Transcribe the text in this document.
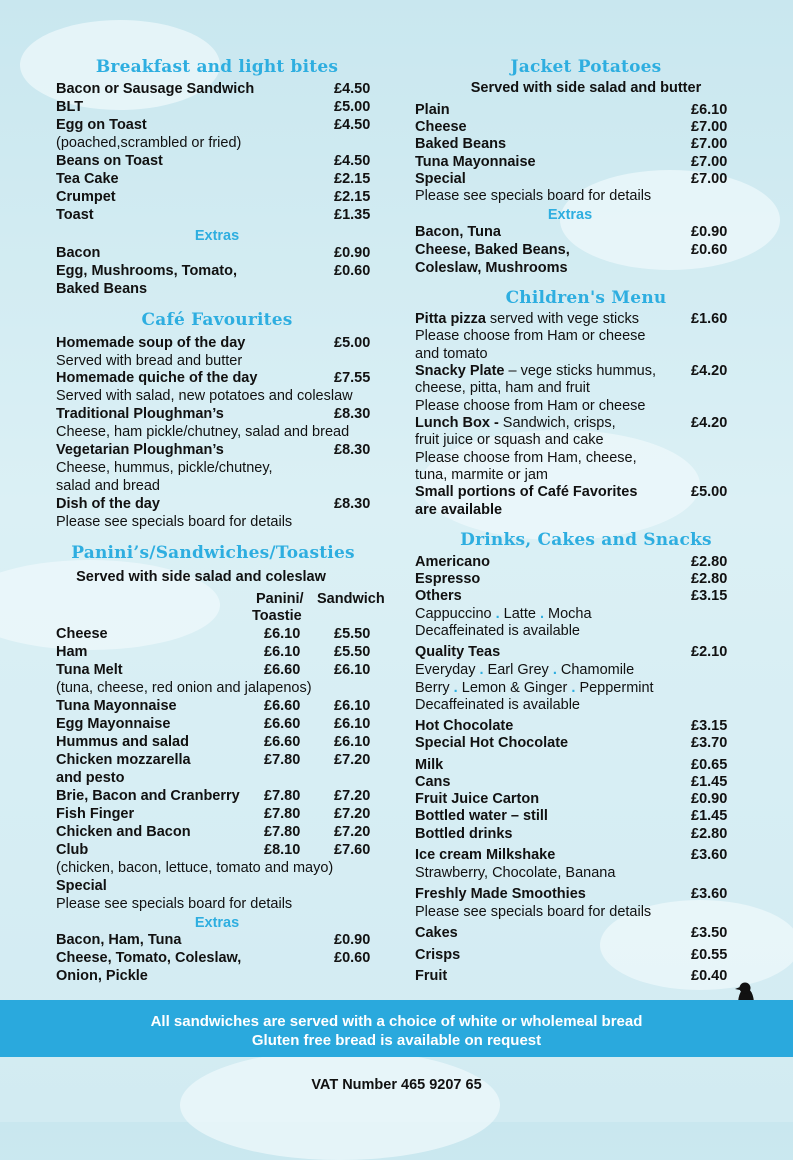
Breakfast and light bites
Bacon or Sausage Sandwich	£4.50
BLT	£5.00
Egg on Toast	£4.50
(poached,scrambled or fried)
Beans on Toast	£4.50
Tea Cake	£2.15
Crumpet	£2.15
Toast	£1.35
Extras
Bacon	£0.90
Egg, Mushrooms, Tomato,	£0.60
Baked Beans
Café Favourites
Homemade soup of the day	£5.00
Served with bread and butter
Homemade quiche of the day	£7.55
Served with salad, new potatoes and coleslaw
Traditional Ploughman’s	£8.30
Cheese, ham pickle/chutney, salad and bread
Vegetarian Ploughman’s	£8.30
Cheese, hummus, pickle/chutney,
salad and bread
Dish of the day	£8.30
Please see specials board for details
Panini’s/Sandwiches/Toasties
Served with side salad and coleslaw
Panini/
Toastie
Sandwich
Cheese	£6.10 £5.50
Ham	£6.10 £5.50
Tuna Melt	£6.60 £6.10
(tuna, cheese, red onion and jalapenos)
Tuna Mayonnaise	£6.60 £6.10
Egg Mayonnaise	£6.60 £6.10
Hummus and salad	£6.60 £6.10
Chicken mozzarella	£7.80 £7.20
and pesto
Brie, Bacon and Cranberry £7.80 £7.20
Fish Finger	£7.80 £7.20
Chicken and Bacon	£7.80 £7.20
Club	£8.10 £7.60
(chicken, bacon, lettuce, tomato and mayo)
Special
Please see specials board for details
Extras
Bacon, Ham, Tuna	£0.90
Cheese, Tomato, Coleslaw,	£0.60
Onion, Pickle
Jacket Potatoes
Served with side salad and butter
Plain	£6.10
Cheese	£7.00
Baked Beans	£7.00
Tuna Mayonnaise	£7.00
Special	£7.00
Please see specials board for details
Extras
Bacon, Tuna	£0.90
Cheese, Baked Beans,	£0.60
Coleslaw, Mushrooms
Children's Menu
Pitta pizza served with vege sticks	£1.60
Please choose from Ham or cheese
and tomato
Snacky Plate – vege sticks hummus, £4.20
cheese, pitta, ham and fruit
Please choose from Ham or cheese
Lunch Box - Sandwich, crisps,	£4.20
fruit juice or squash and cake
Please choose from Ham, cheese,
tuna, marmite or jam
Small portions of Café Favorites	£5.00
are available
Drinks, Cakes and Snacks
Americano	£2.80
Espresso	£2.80
Others	£3.15
Cappuccino . Latte . Mocha
Decaffeinated is available
Quality Teas	£2.10
Everyday . Earl Grey . Chamomile
Berry . Lemon & Ginger . Peppermint
Decaffeinated is available
Hot Chocolate	£3.15
Special Hot Chocolate	£3.70
Milk	£0.65
Cans	£1.45
Fruit Juice Carton	£0.90
Bottled water – still	£1.45
Bottled drinks	£2.80
Ice cream Milkshake	£3.60
Strawberry, Chocolate, Banana
Freshly Made Smoothies	£3.60
Please see specials board for details
Cakes	£3.50
Crisps	£0.55
Fruit	£0.40
All sandwiches are served with a choice of white or wholemeal bread
Gluten free bread is available on request
VAT Number 465 9207 65
